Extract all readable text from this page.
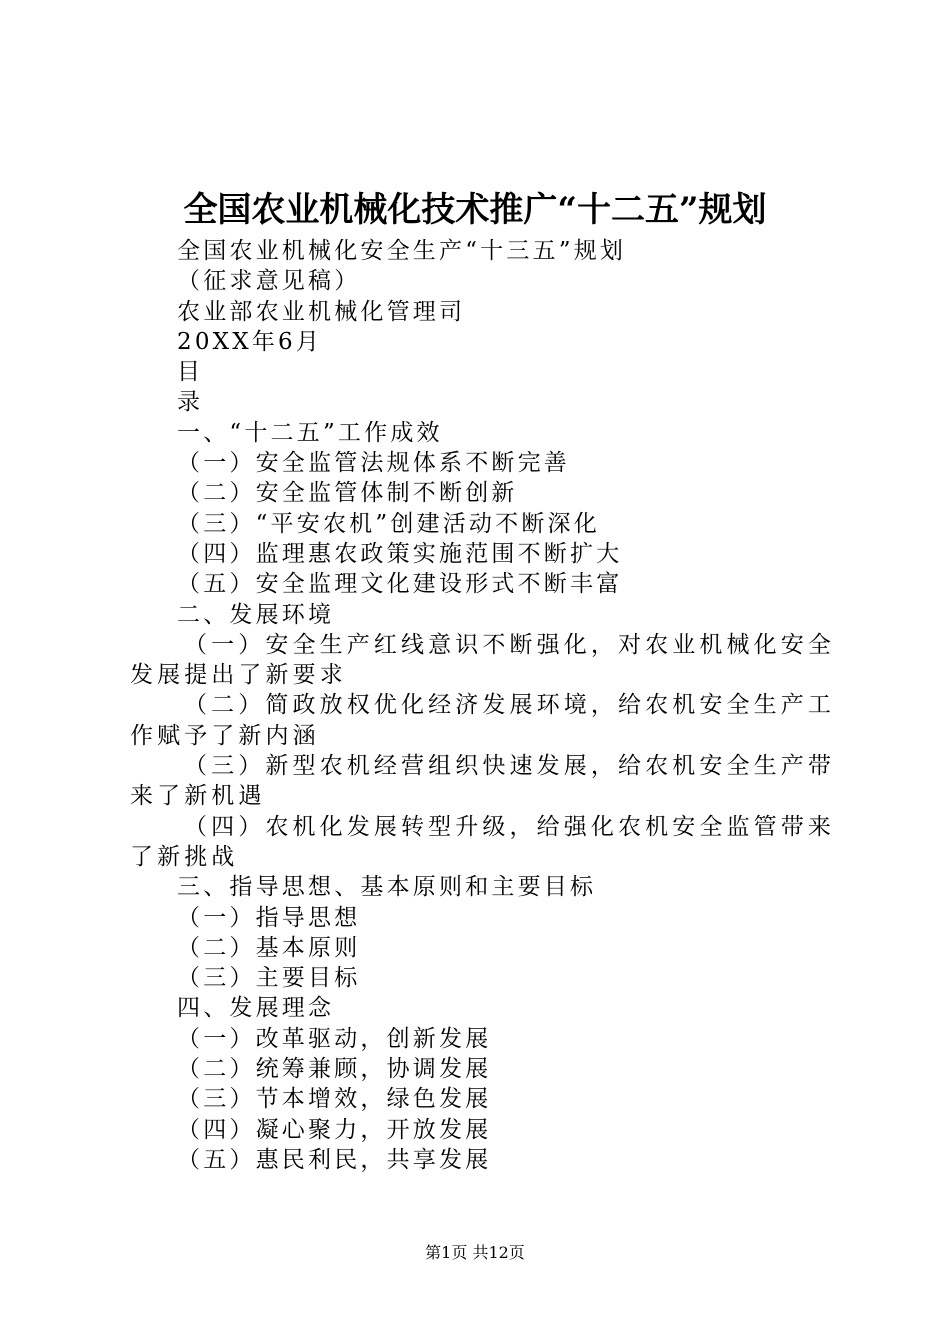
全国农业机械化技术推广“十二五”规划

全国农业机械化安全生产“十三五”规划

（征求意见稿）

农业部农业机械化管理司

20XX年6月

目

录

一、“十二五”工作成效

（一）安全监管法规体系不断完善

（二）安全监管体制不断创新

（三）“平安农机”创建活动不断深化

（四）监理惠农政策实施范围不断扩大

（五）安全监理文化建设形式不断丰富

二、发展环境

（一）安全生产红线意识不断强化，对农业机械化安全发展提出了新要求

（二）简政放权优化经济发展环境，给农机安全生产工作赋予了新内涵

（三）新型农机经营组织快速发展，给农机安全生产带来了新机遇

（四）农机化发展转型升级，给强化农机安全监管带来了新挑战

三、指导思想、基本原则和主要目标

（一）指导思想

（二）基本原则

（三）主要目标

四、发展理念

（一）改革驱动，创新发展

（二）统筹兼顾，协调发展

（三）节本增效，绿色发展

（四）凝心聚力，开放发展

（五）惠民利民，共享发展

第1页 共12页
